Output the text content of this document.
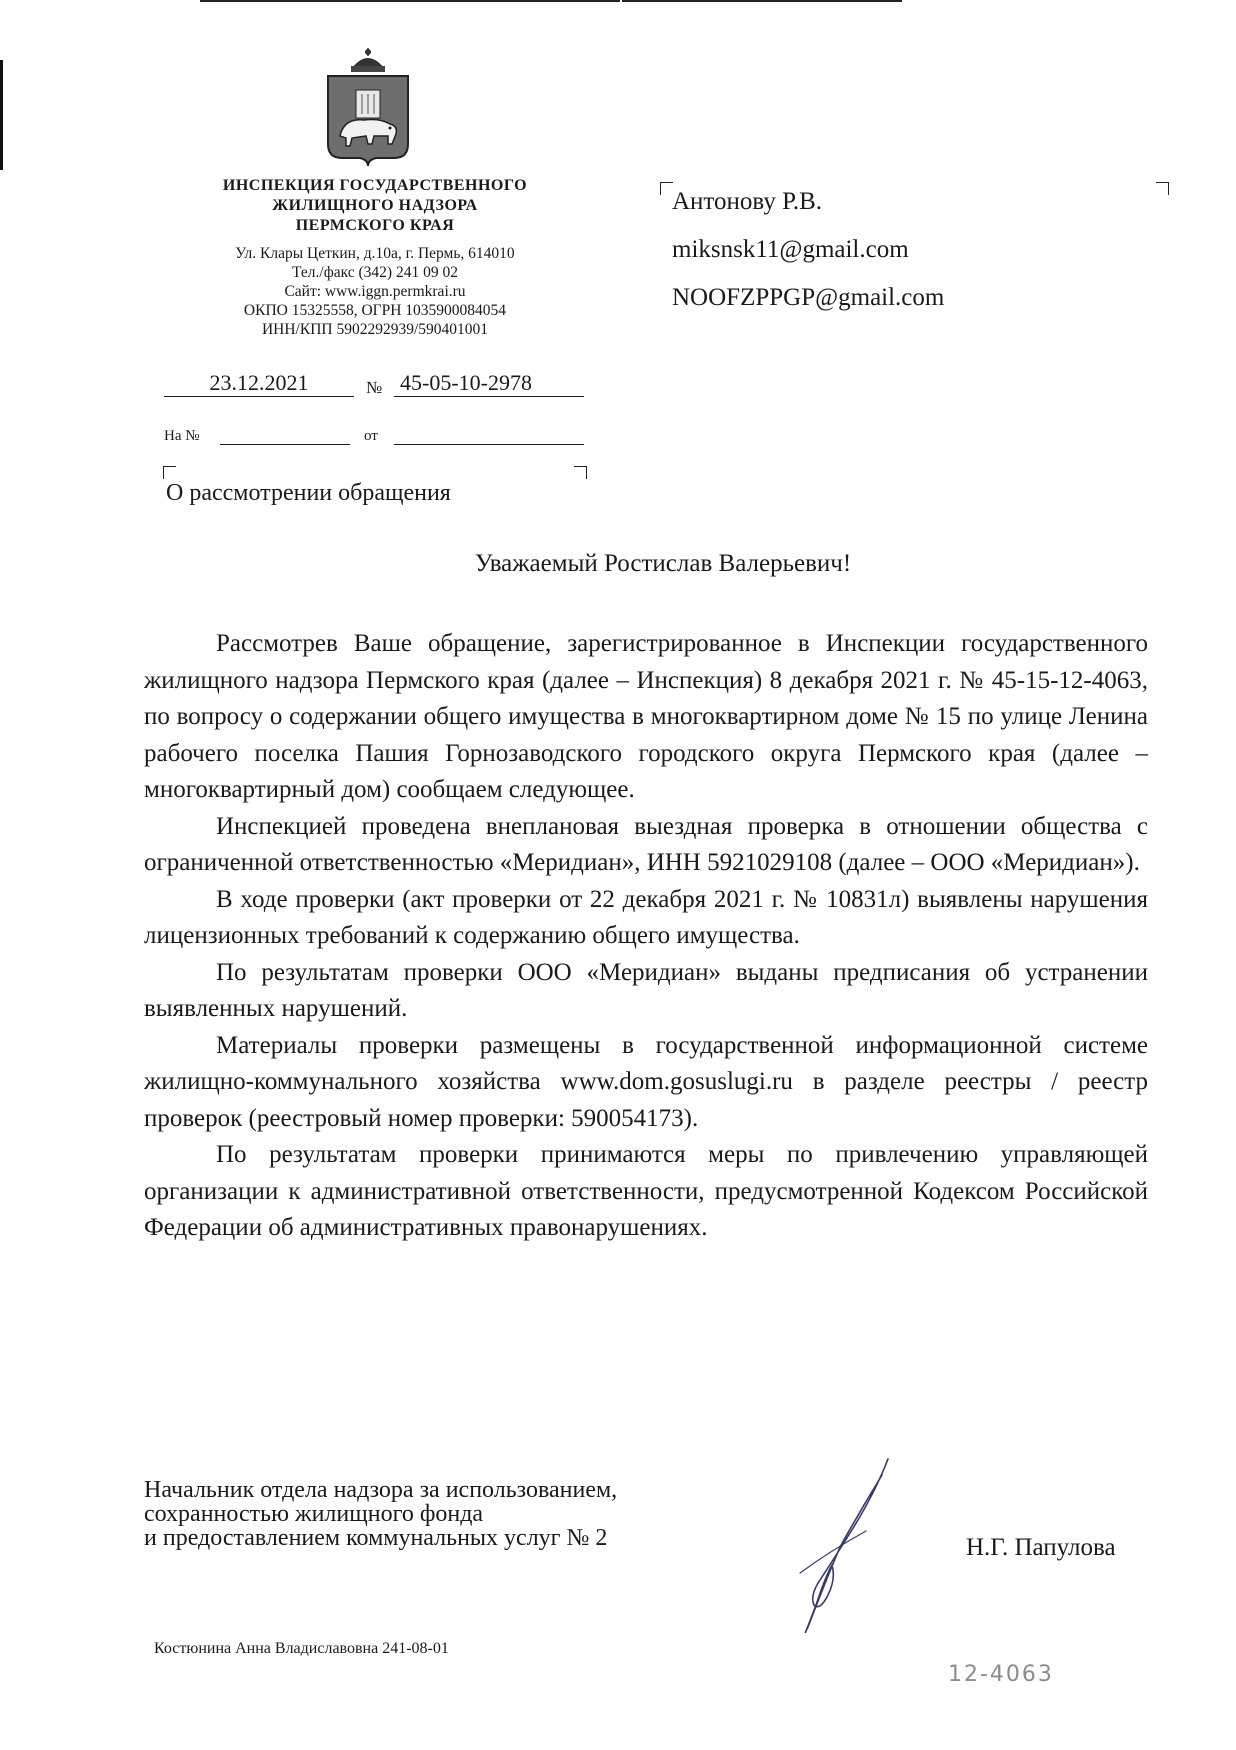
ИНСПЕКЦИЯ ГОСУДАРСТВЕННОГО
ЖИЛИЩНОГО НАДЗОРА
ПЕРМСКОГО КРАЯ
Ул. Клары Цеткин, д.10а, г. Пермь, 614010
Тел./факс (342) 241 09 02
Сайт: www.iggn.permkrai.ru
ОКПО 15325558, ОГРН 1035900084054
ИНН/КПП 5902292939/590401001
23.12.2021	№ 45-05-10-2978
На №	от
О рассмотрении обращения
Антонову Р.В.
miksnsk11@gmail.com
NOOFZPPGP@gmail.com
Уважаемый Ростислав Валерьевич!

Рассмотрев Ваше обращение, зарегистрированное в Инспекции государственного жилищного надзора Пермского края (далее – Инспекция) 8 декабря 2021 г. № 45-15-12-4063, по вопросу о содержании общего имущества в многоквартирном доме № 15 по улице Ленина рабочего поселка Пашия Горнозаводского городского округа Пермского края (далее – многоквартирный дом) сообщаем следующее.

Инспекцией проведена внеплановая выездная проверка в отношении общества с ограниченной ответственностью «Меридиан», ИНН 5921029108 (далее – ООО «Меридиан»).

В ходе проверки (акт проверки от 22 декабря 2021 г. № 10831л) выявлены нарушения лицензионных требований к содержанию общего имущества.

По результатам проверки ООО «Меридиан» выданы предписания об устранении выявленных нарушений.

Материалы проверки размещены в государственной информационной системе жилищно-коммунального хозяйства www.dom.gosuslugi.ru в разделе реестры / реестр проверок (реестровый номер проверки: 590054173).

По результатам проверки принимаются меры по привлечению управляющей организации к административной ответственности, предусмотренной Кодексом Российской Федерации об административных правонарушениях.

Начальник отдела надзора за использованием,
сохранностью жилищного фонда
и предоставлением коммунальных услуг № 2	Н.Г. Папулова
Костюнина Анна Владиславовна 241-08-01
12-4063
